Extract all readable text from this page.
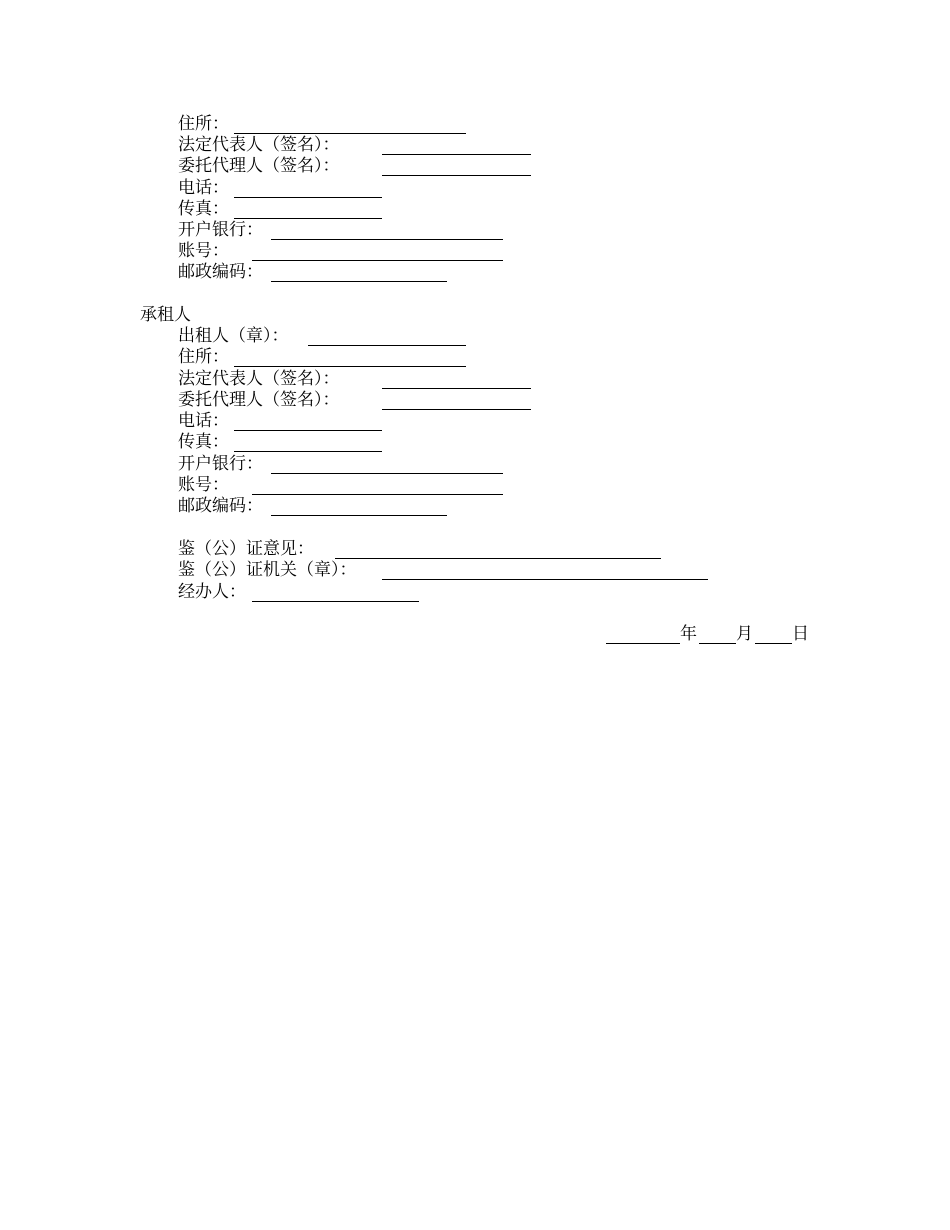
住所：
法定代表人（签名）：
委托代理人（签名）：
电话：
传真：
开户银行：
账号：
邮政编码：
承租人
出租人（章）：
住所：
法定代表人（签名）：
委托代理人（签名）：
电话：
传真：
开户银行：
账号：
邮政编码：
鉴（公）证意见：
鉴（公）证机关（章）：
经办人：
年 月 日
